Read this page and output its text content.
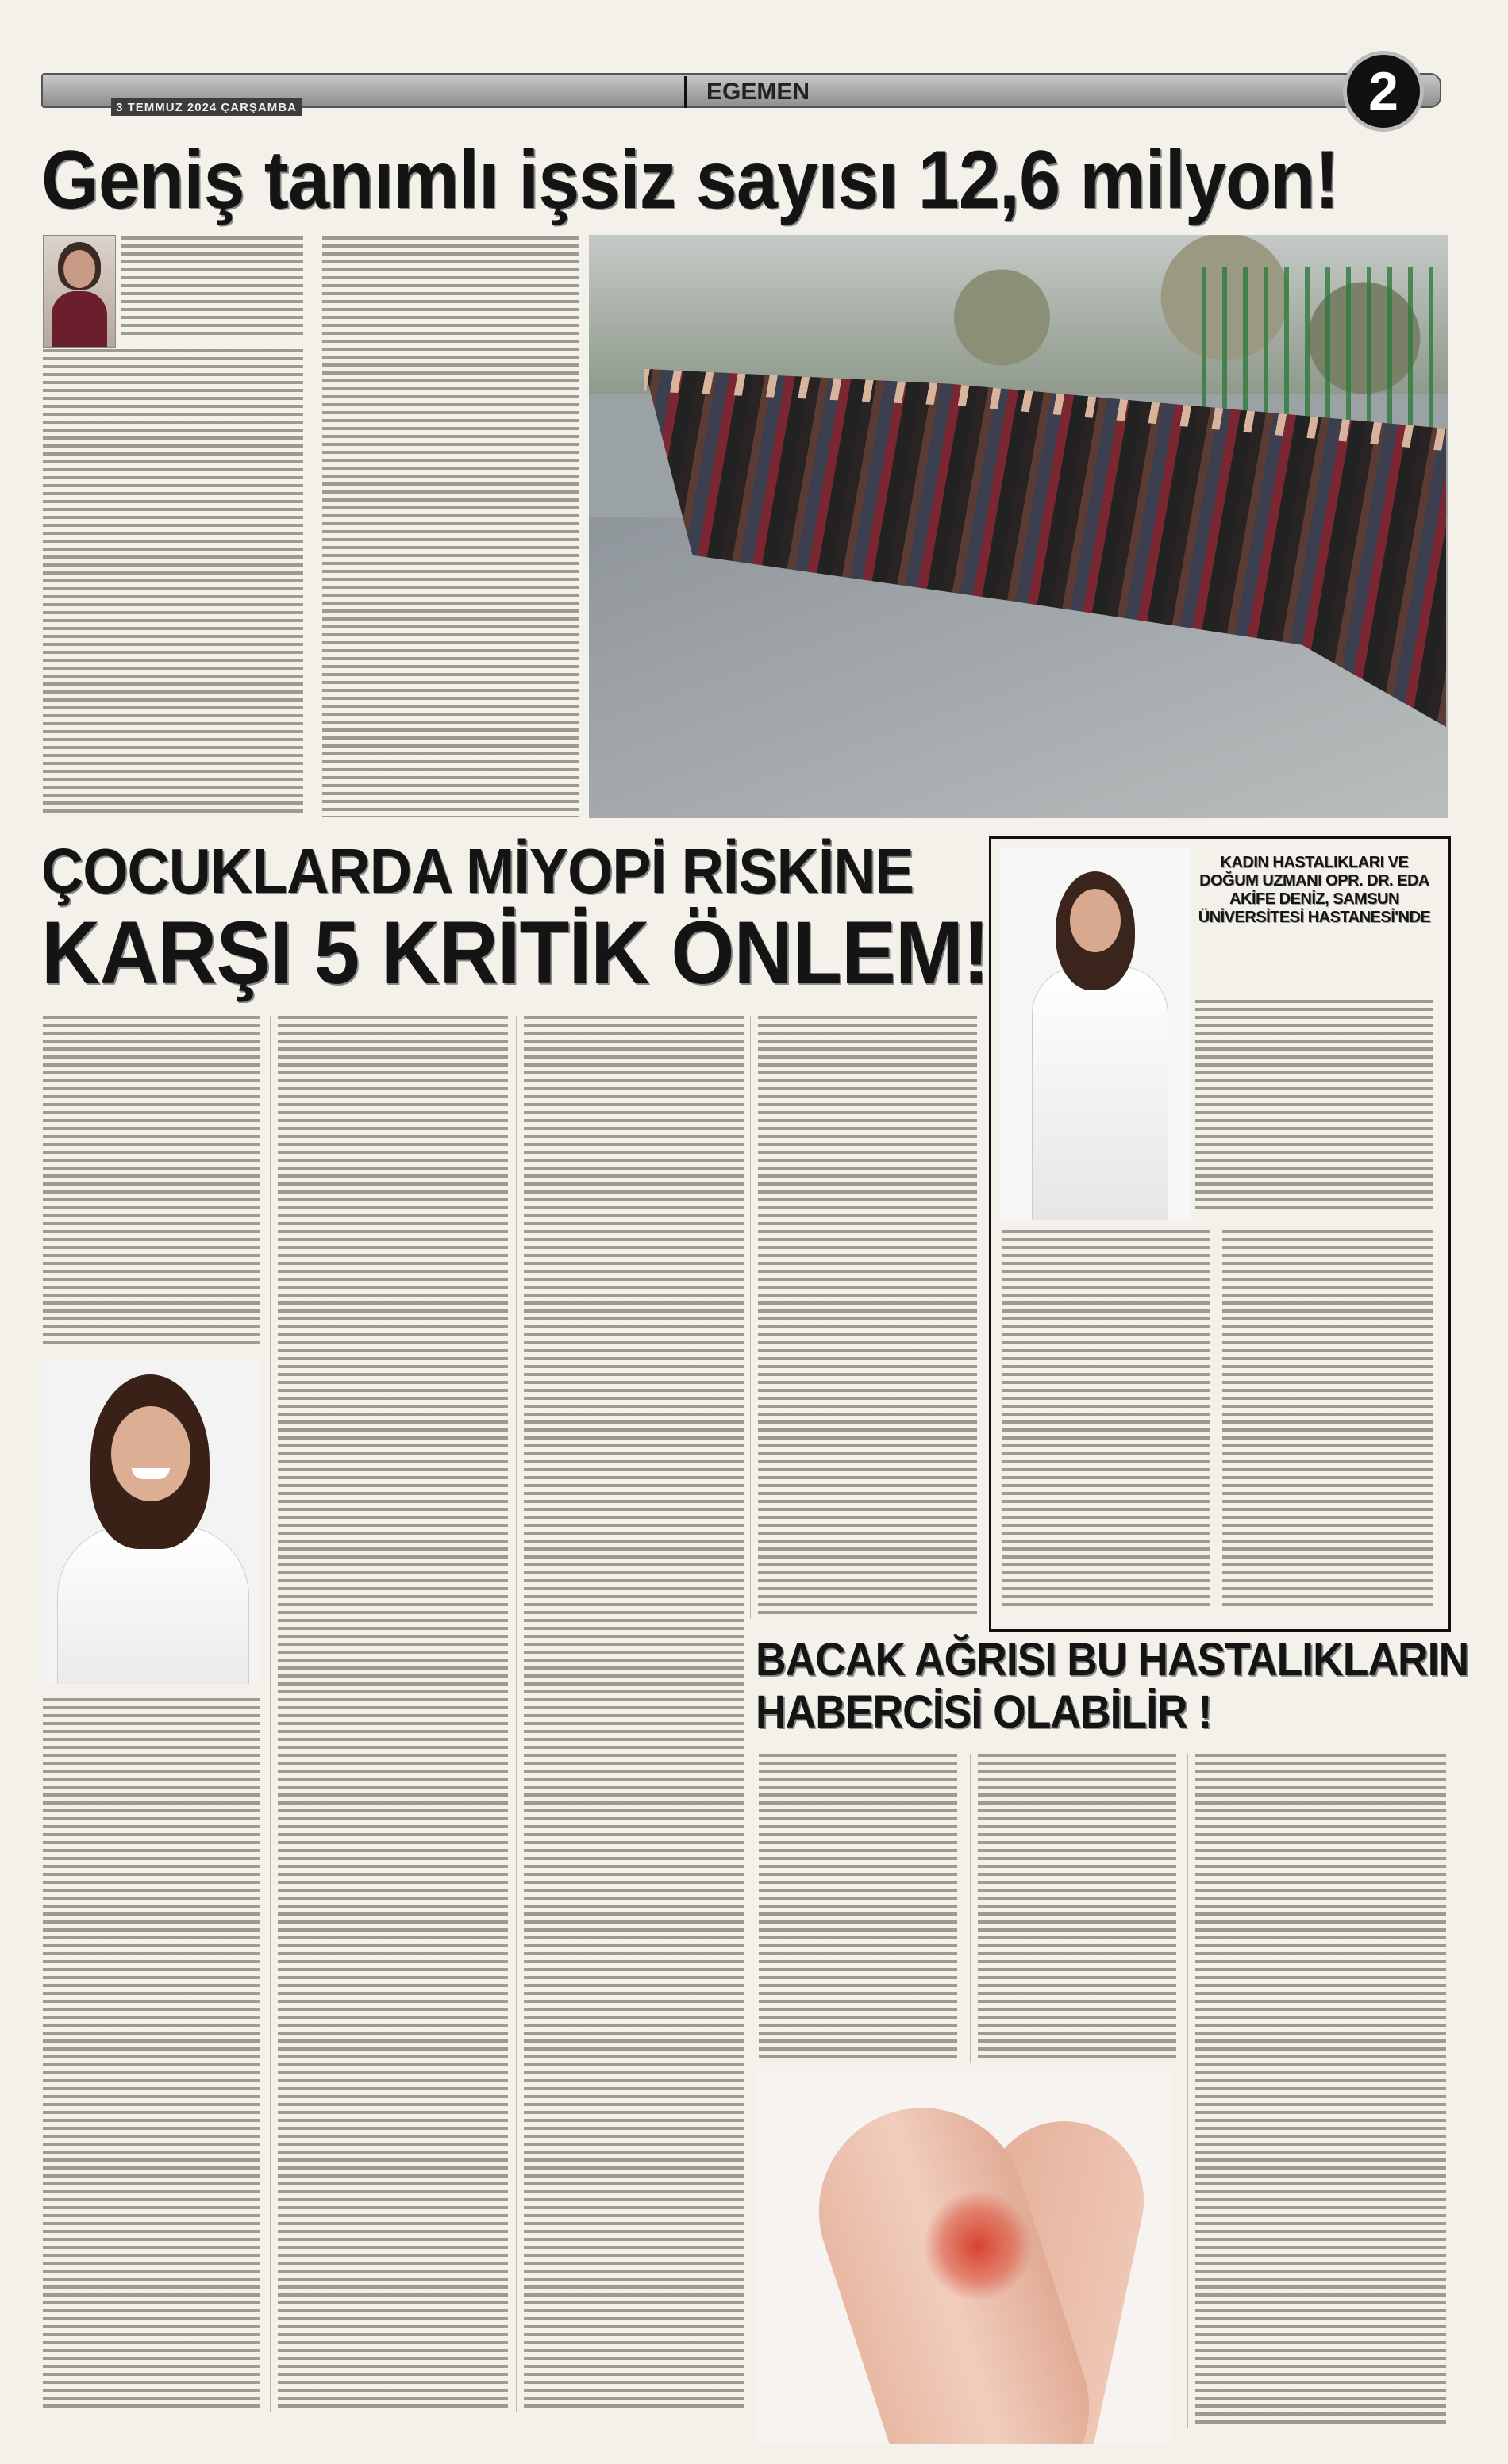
3 TEMMUZ 2024 ÇARŞAMBA
EGEMEN	2
Geniş tanımlı işsiz sayısı 12,6 milyon!
ÇOCUKLARDA MİYOPİ RİSKİNE
KARŞI 5 KRİTİK ÖNLEM!
KADIN HASTALIKLARI VE DOĞUM UZMANI OPR. DR. EDA AKİFE DENİZ, SAMSUN ÜNİVERSİTESİ HASTANESİ'NDE
BACAK AĞRISI BU HASTALIKLARIN
HABERCİSİ OLABİLİR !
